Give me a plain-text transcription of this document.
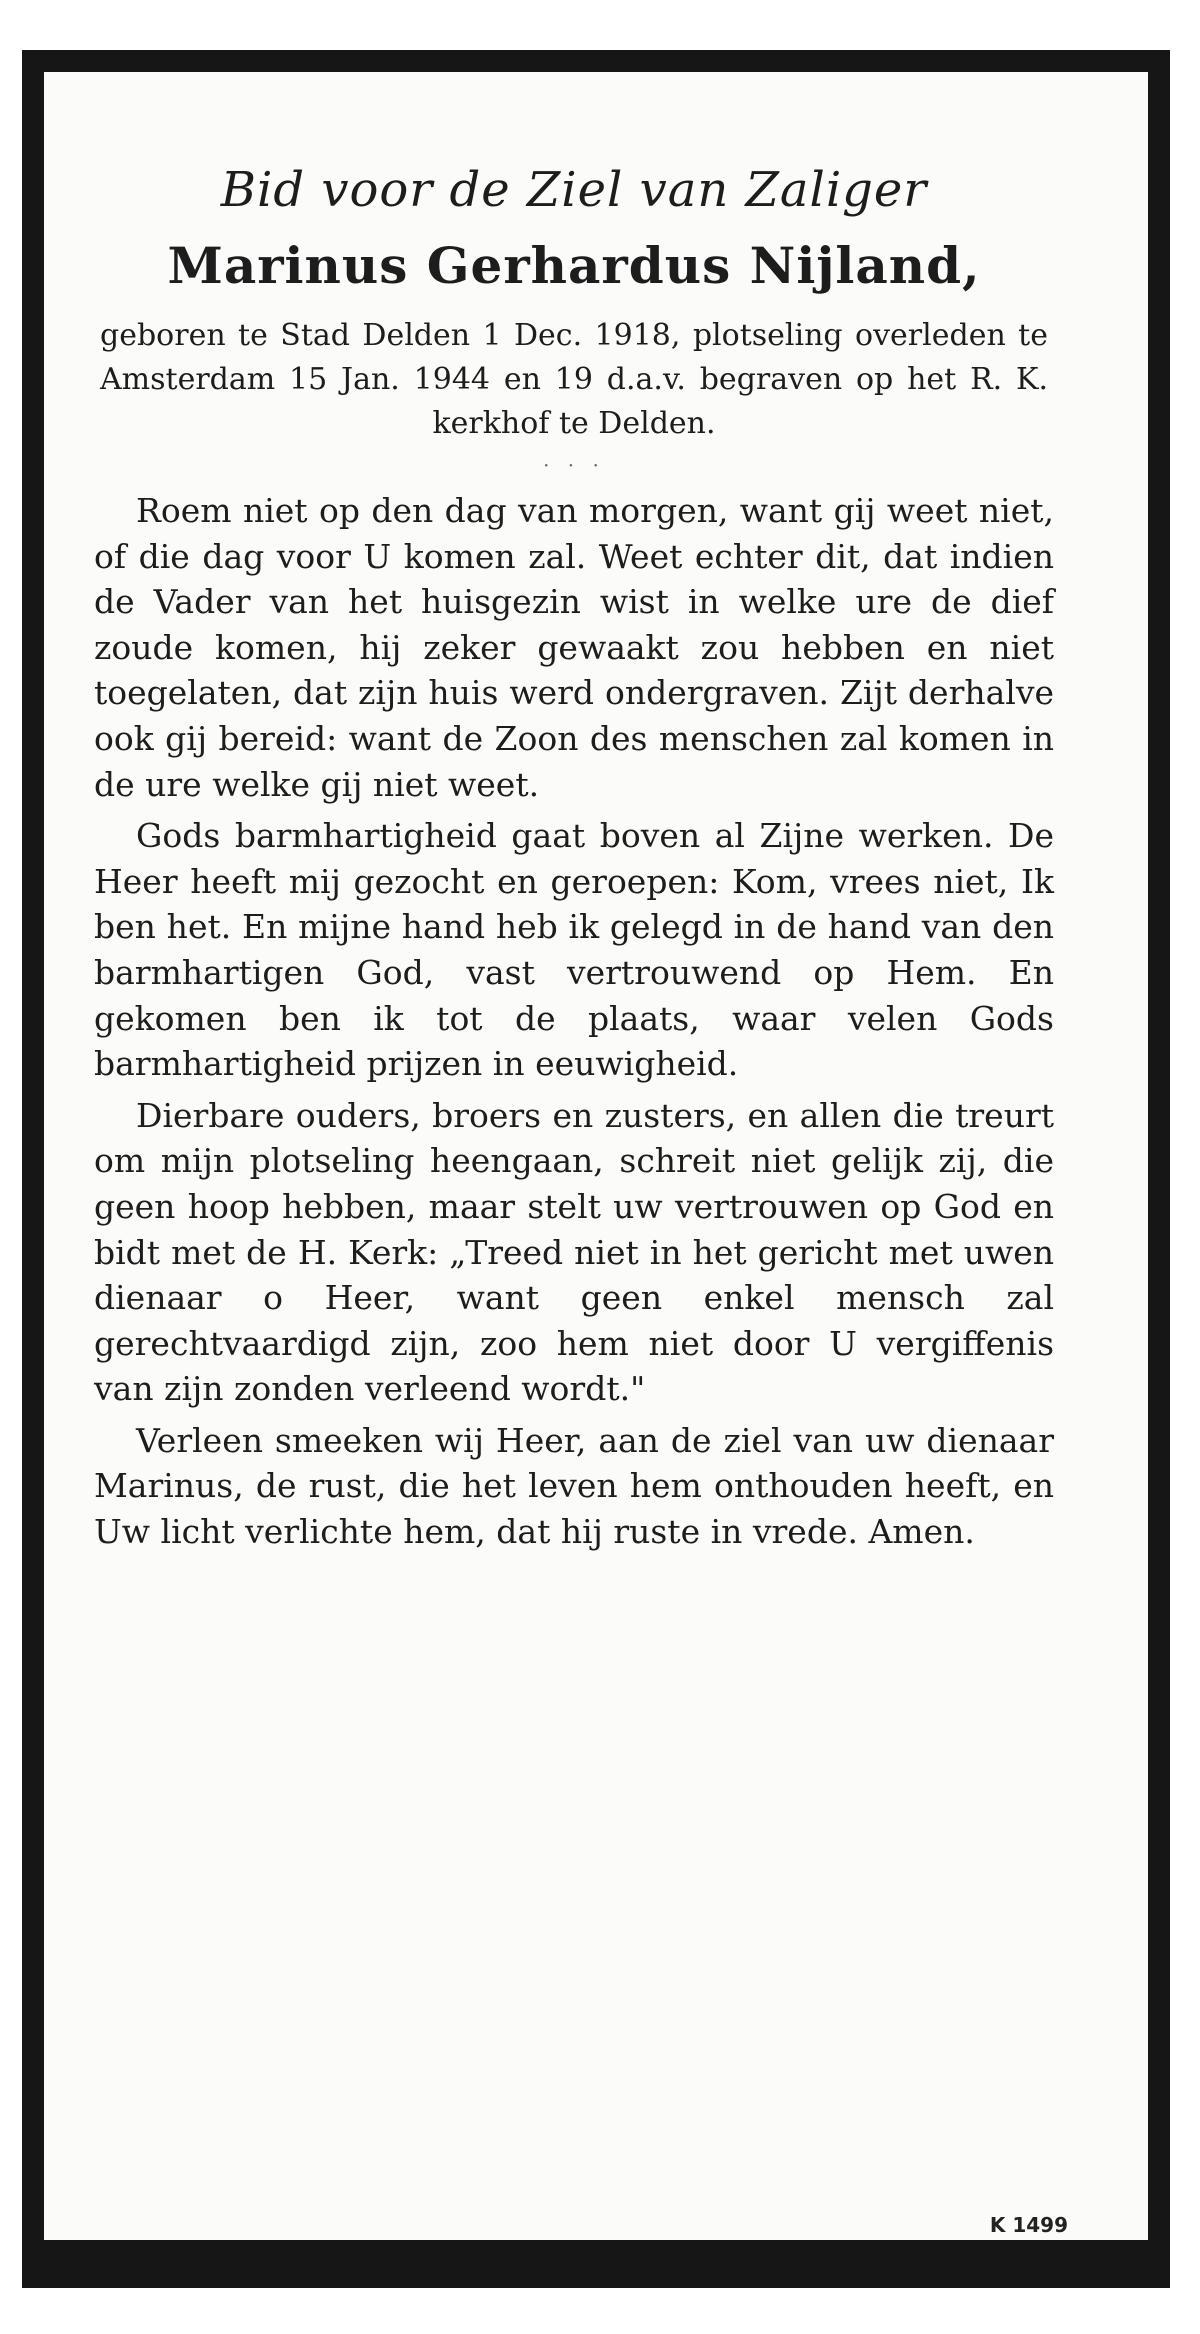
K 1499

Bid voor de Ziel van Zaliger

Marinus Gerhardus Nijland,

geboren te Stad Delden 1 Dec. 1918, plotseling overleden te Amsterdam 15 Jan. 1944 en 19 d.a.v. begraven op het R. K. kerkhof te Delden.

· · ·

Roem niet op den dag van morgen, want gij weet niet, of die dag voor U komen zal. Weet echter dit, dat indien de Vader van het huisgezin wist in welke ure de dief zoude komen, hij zeker gewaakt zou hebben en niet toegelaten, dat zijn huis werd ondergraven. Zijt derhalve ook gij bereid: want de Zoon des menschen zal komen in de ure welke gij niet weet.

Gods barmhartigheid gaat boven al Zijne werken. De Heer heeft mij gezocht en geroepen: Kom, vrees niet, Ik ben het. En mijne hand heb ik gelegd in de hand van den barmhartigen God, vast vertrouwend op Hem. En gekomen ben ik tot de plaats, waar velen Gods barmhartigheid prijzen in eeuwigheid.

Dierbare ouders, broers en zusters, en allen die treurt om mijn plotseling heengaan, schreit niet gelijk zij, die geen hoop hebben, maar stelt uw vertrouwen op God en bidt met de H. Kerk: „Treed niet in het gericht met uwen dienaar o Heer, want geen enkel mensch zal gerechtvaardigd zijn, zoo hem niet door U vergiffenis van zijn zonden verleend wordt."

Verleen smeeken wij Heer, aan de ziel van uw dienaar Marinus, de rust, die het leven hem onthouden heeft, en Uw licht verlichte hem, dat hij ruste in vrede. Amen.
